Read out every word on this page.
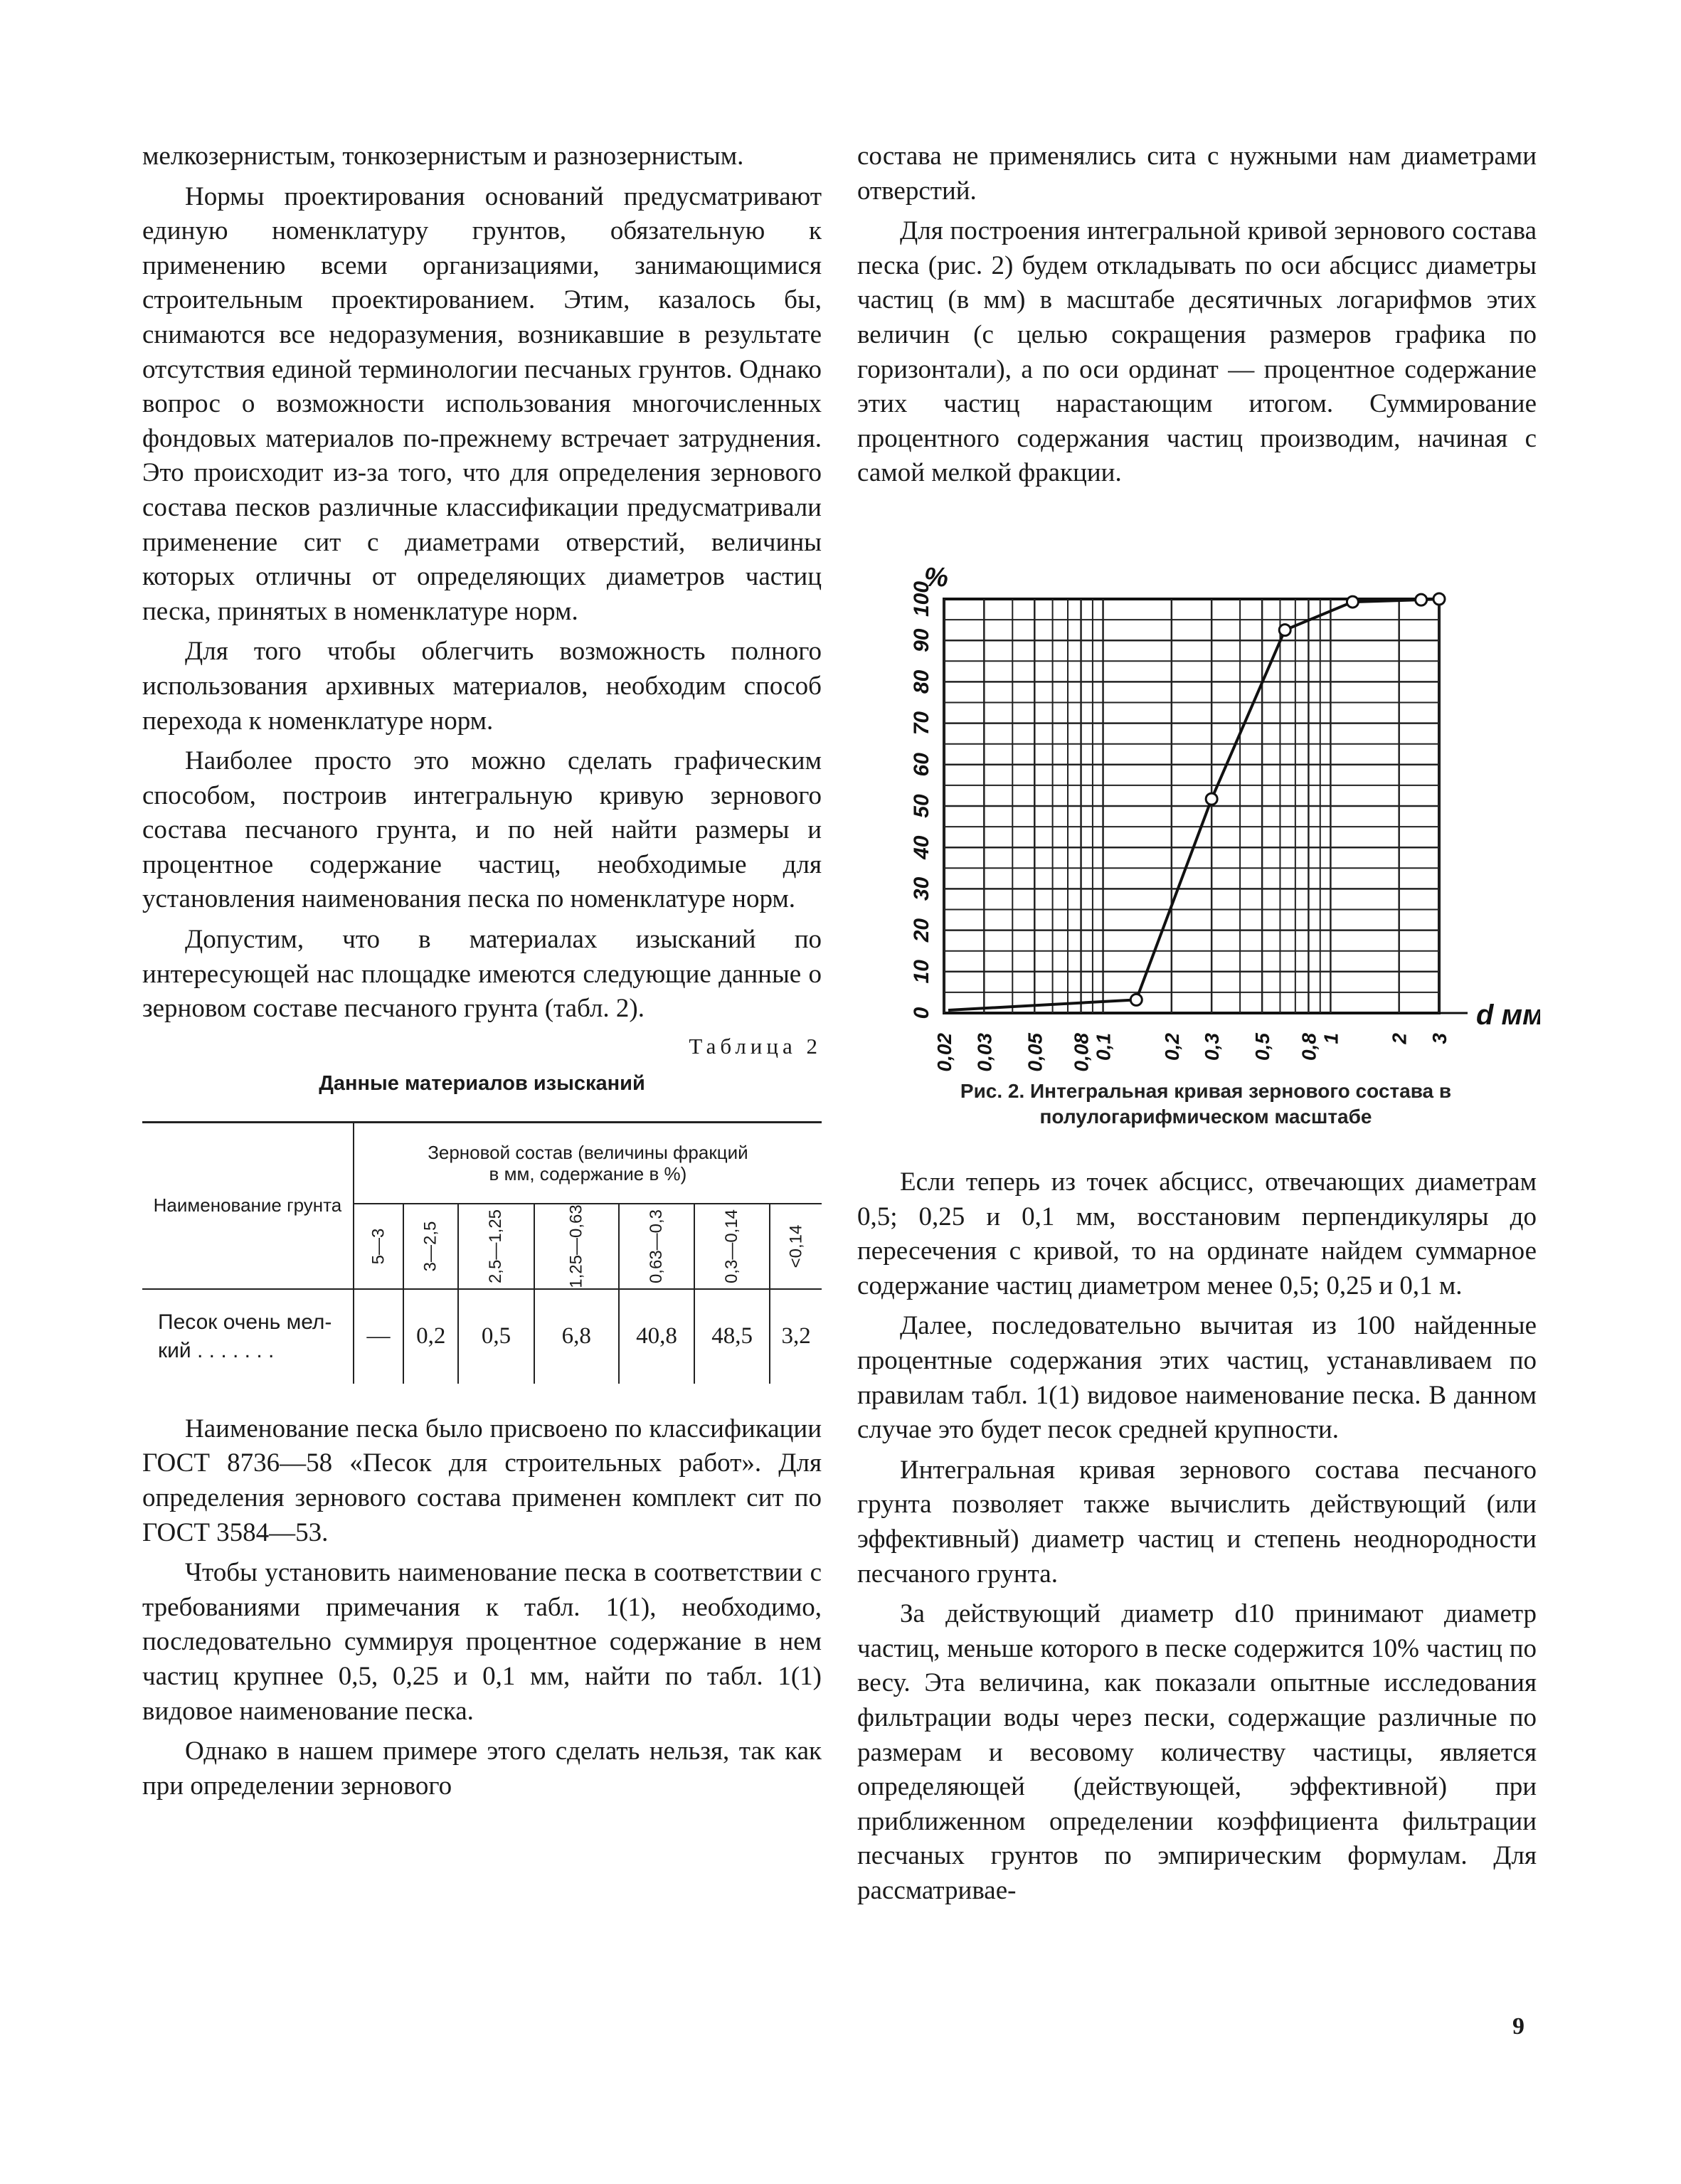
мелкозернистым, тонкозернистым и разнозернистым.

Нормы проектирования оснований предусматривают единую номенклатуру грунтов, обязательную к применению всеми организациями, занимающимися строительным проектированием. Этим, казалось бы, снимаются все недоразумения, возникавшие в результате отсутствия единой терминологии песчаных грунтов. Однако вопрос о возможности использования многочисленных фондовых материалов по-прежнему встречает затруднения. Это происходит из-за того, что для определения зернового состава песков различные классификации предусматривали применение сит с диаметрами отверстий, величины которых отличны от определяющих диаметров частиц песка, принятых в номенклатуре норм.

Для того чтобы облегчить возможность полного использования архивных материалов, необходим способ перехода к номенклатуре норм.

Наиболее просто это можно сделать графическим способом, построив интегральную кривую зернового состава песчаного грунта, и по ней найти размеры и процентное содержание частиц, необходимые для установления наименования песка по номенклатуре норм.

Допустим, что в материалах изысканий по интересующей нас площадке имеются следующие данные о зерновом составе песчаного грунта (табл. 2).

Таблица 2
Данные материалов изысканий
Наименование грунта	Зерновой состав (величины фракций
в мм, содержание в %)						
	5—3	3—2,5	2,5—1,25	1,25—0,63	0,63—0,3	0,3—0,14	<0,14
Песок очень мел-
кий . . . . . . .	—	0,2	0,5	6,8	40,8	48,5	3,2

Наименование песка было присвоено по классификации ГОСТ 8736—58 «Песок для строительных работ». Для определения зернового состава применен комплект сит по ГОСТ 3584—53.

Чтобы установить наименование песка в соответствии с требованиями примечания к табл. 1(1), необходимо, последовательно суммируя процентное содержание в нем частиц крупнее 0,5, 0,25 и 0,1 мм, найти по табл. 1(1) видовое наименование песка.

Однако в нашем примере этого сделать нельзя, так как при определении зернового

состава не применялись сита с нужными нам диаметрами отверстий.

Для построения интегральной кривой зернового состава песка (рис. 2) будем откладывать по оси абсцисс диаметры частиц (в мм) в масштабе десятичных логарифмов этих величин (с целью сокращения размеров графика по горизонтали), а по оси ординат — процентное содержание этих частиц нарастающим итогом. Суммирование процентного содержания частиц производим, начиная с самой мелкой фракции.

0
10
20
30
40
50
60
70
80
90
100
%
d мм
0,02 0,03 0,05 0,08 0,1 0,2 0,3 0,5 0,8 1 2 3
Рис. 2. Интегральная кривая зернового состава в
полулогарифмическом масштабе

Если теперь из точек абсцисс, отвечающих диаметрам 0,5; 0,25 и 0,1 мм, восстановим перпендикуляры до пересечения с кривой, то на ординате найдем суммарное содержание частиц диаметром менее 0,5; 0,25 и 0,1 м.

Далее, последовательно вычитая из 100 найденные процентные содержания этих частиц, устанавливаем по правилам табл. 1(1) видовое наименование песка. В данном случае это будет песок средней крупности.

Интегральная кривая зернового состава песчаного грунта позволяет также вычислить действующий (или эффективный) диаметр частиц и степень неоднородности песчаного грунта.

За действующий диаметр d10 принимают диаметр частиц, меньше которого в песке содержится 10% частиц по весу. Эта величина, как показали опытные исследования фильтрации воды через пески, содержащие различные по размерам и весовому количеству частицы, является определяющей (действующей, эффективной) при приближенном определении коэффициента фильтрации песчаных грунтов по эмпирическим формулам. Для рассматривае-

9
